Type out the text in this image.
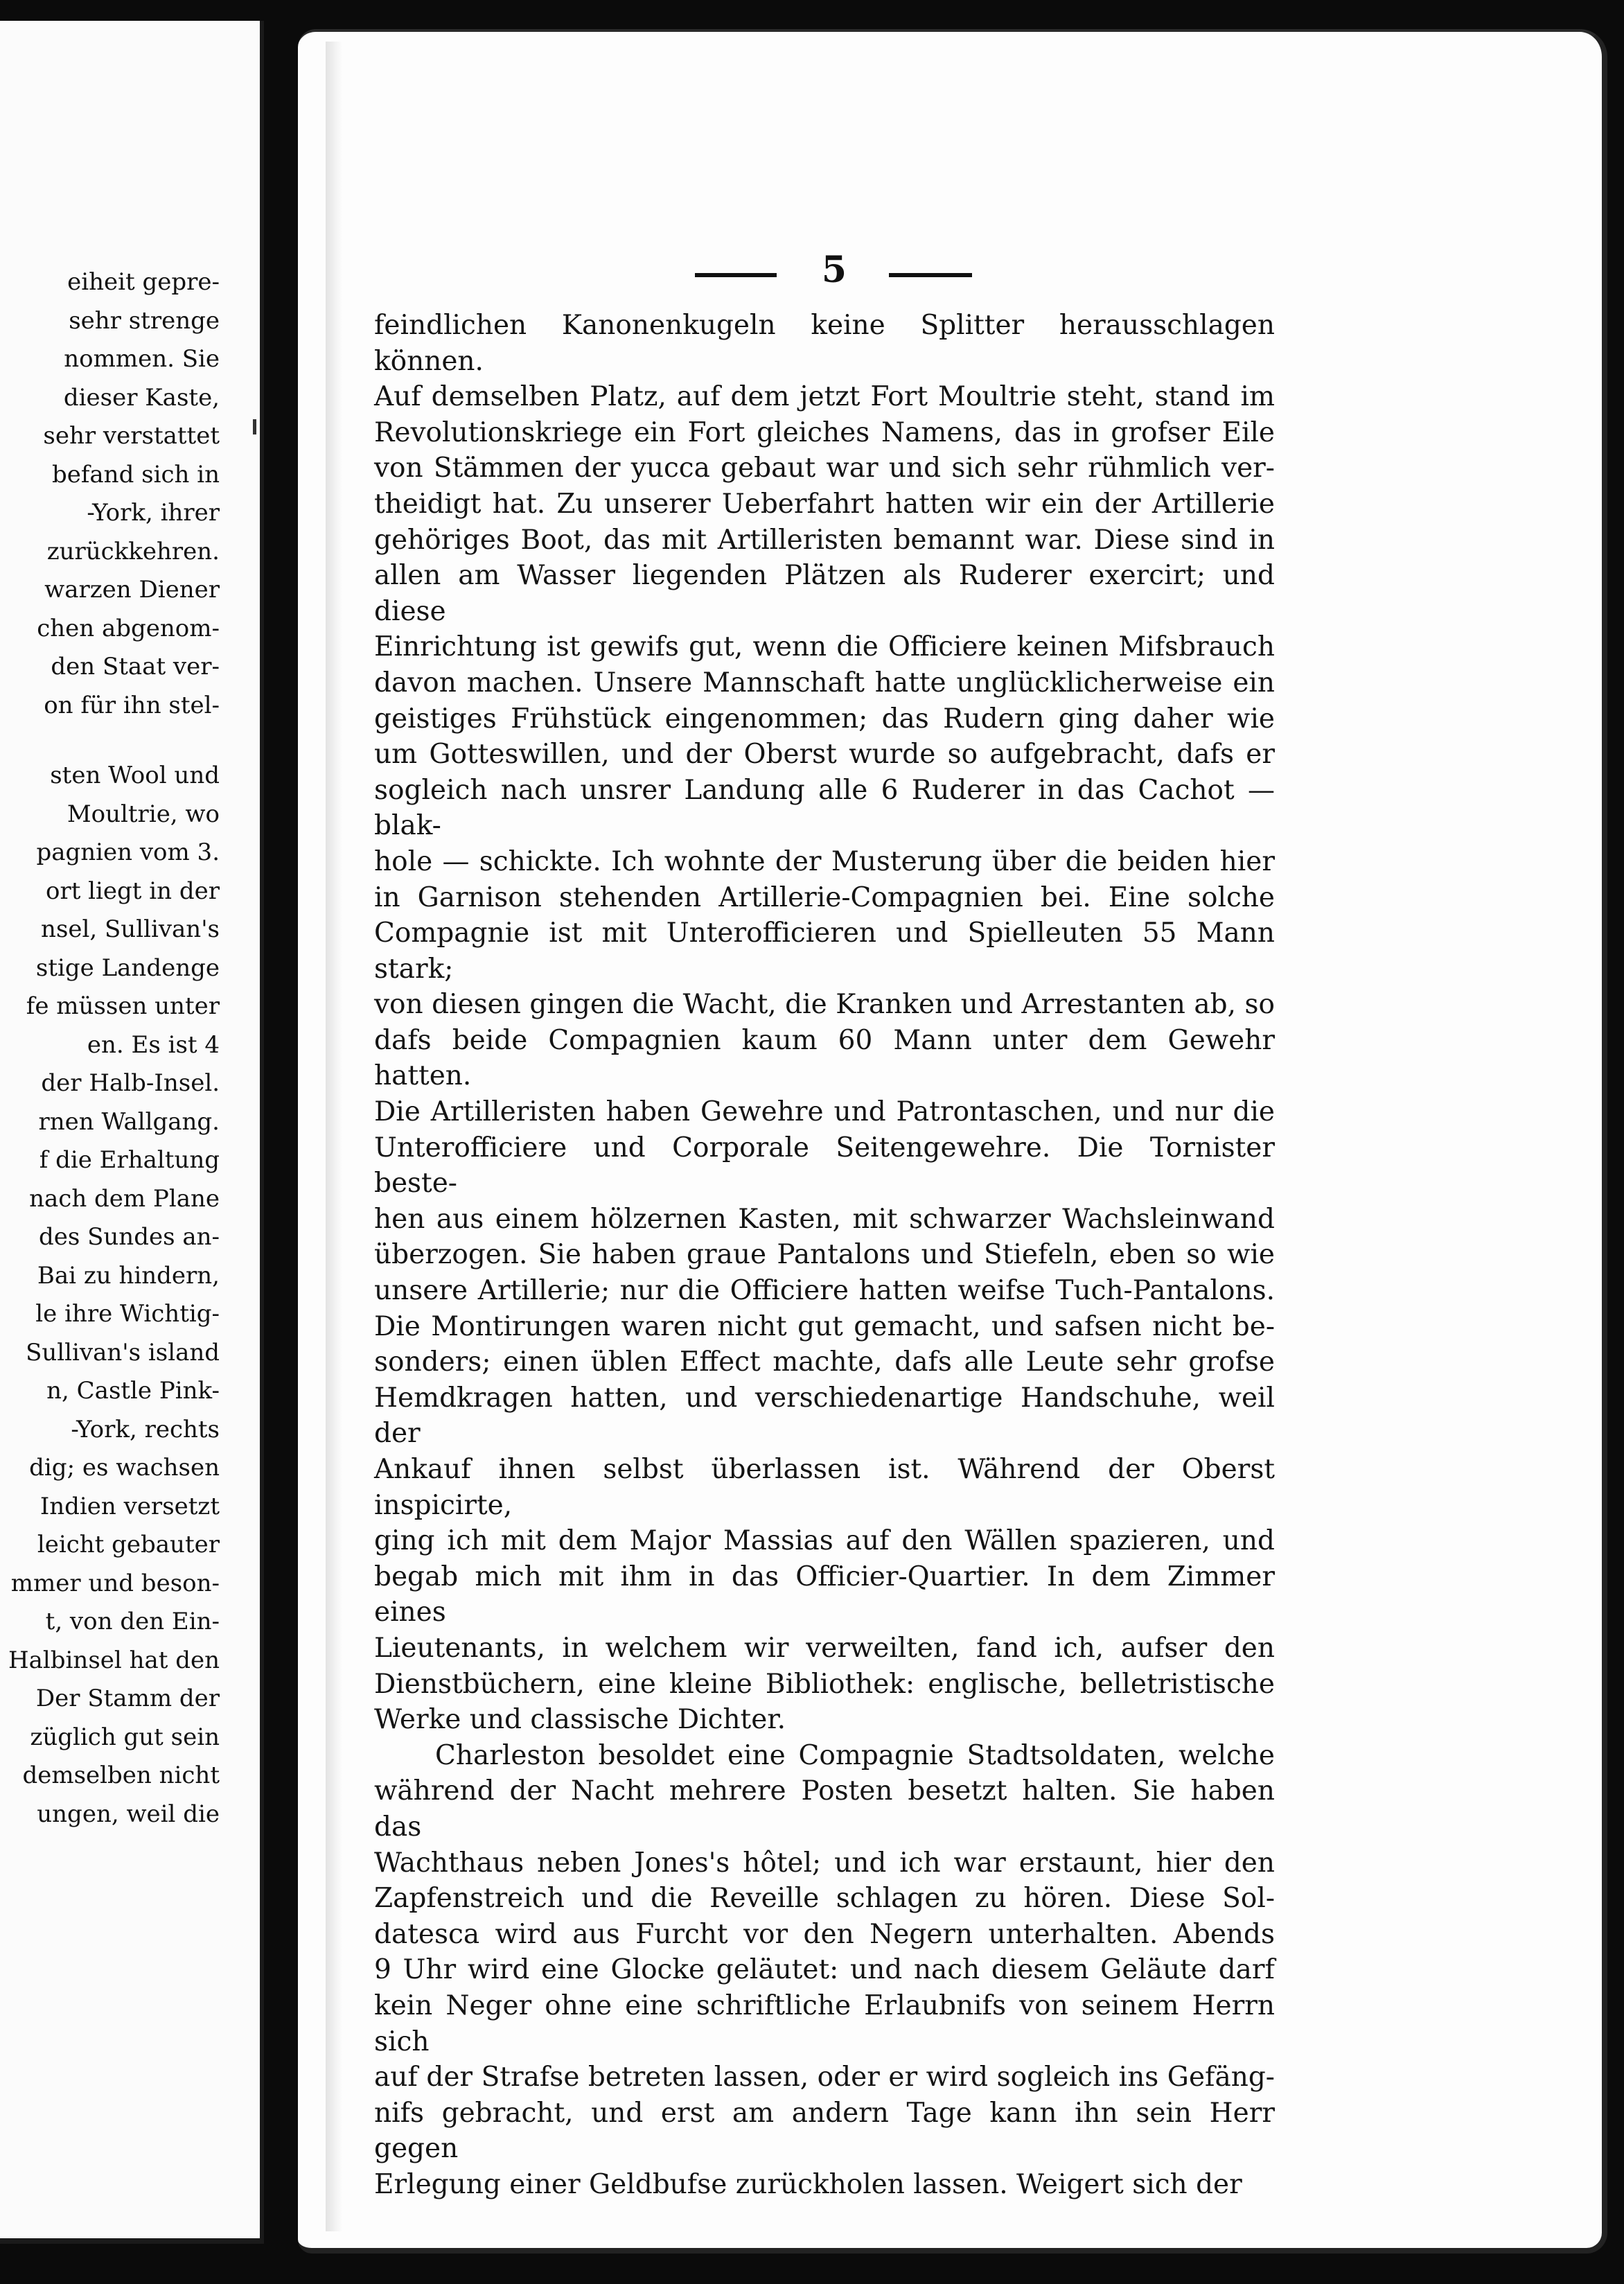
eiheit gepre-
sehr strenge
nommen. Sie
dieser Kaste,
sehr verstattet
befand sich in
-York, ihrer
zurückkehren.
warzen Diener
chen abgenom-
den Staat ver-
on für ihn stel-
sten Wool und
Moultrie, wo
pagnien vom 3.
ort liegt in der
nsel, Sullivan's
stige Landenge
fe müssen unter
en. Es ist 4
der Halb-Insel.
rnen Wallgang.
f die Erhaltung
nach dem Plane
des Sundes an-
Bai zu hindern,
le ihre Wichtig-
Sullivan's island
n, Castle Pink-
-York, rechts
dig; es wachsen
Indien versetzt
leicht gebauter
mmer und beson-
t, von den Ein-
Halbinsel hat den
Der Stamm der
züglich gut sein
demselben nicht
ungen, weil die
5

feindlichen Kanonenkugeln keine Splitter herausschlagen können.

Auf demselben Platz, auf dem jetzt Fort Moultrie steht, stand im

Revolutionskriege ein Fort gleiches Namens, das in grofser Eile

von Stämmen der yucca gebaut war und sich sehr rühmlich ver-

theidigt hat. Zu unserer Ueberfahrt hatten wir ein der Artillerie

gehöriges Boot, das mit Artilleristen bemannt war. Diese sind in

allen am Wasser liegenden Plätzen als Ruderer exercirt; und diese

Einrichtung ist gewifs gut, wenn die Officiere keinen Mifsbrauch

davon machen. Unsere Mannschaft hatte unglücklicherweise ein

geistiges Frühstück eingenommen; das Rudern ging daher wie

um Gotteswillen, und der Oberst wurde so aufgebracht, dafs er

sogleich nach unsrer Landung alle 6 Ruderer in das Cachot — blak-

hole — schickte. Ich wohnte der Musterung über die beiden hier

in Garnison stehenden Artillerie-Compagnien bei. Eine solche

Compagnie ist mit Unterofficieren und Spielleuten 55 Mann stark;

von diesen gingen die Wacht, die Kranken und Arrestanten ab, so

dafs beide Compagnien kaum 60 Mann unter dem Gewehr hatten.

Die Artilleristen haben Gewehre und Patrontaschen, und nur die

Unterofficiere und Corporale Seitengewehre. Die Tornister beste-

hen aus einem hölzernen Kasten, mit schwarzer Wachsleinwand

überzogen. Sie haben graue Pantalons und Stiefeln, eben so wie

unsere Artillerie; nur die Officiere hatten weifse Tuch-Pantalons.

Die Montirungen waren nicht gut gemacht, und safsen nicht be-

sonders; einen üblen Effect machte, dafs alle Leute sehr grofse

Hemdkragen hatten, und verschiedenartige Handschuhe, weil der

Ankauf ihnen selbst überlassen ist. Während der Oberst inspicirte,

ging ich mit dem Major Massias auf den Wällen spazieren, und

begab mich mit ihm in das Officier-Quartier. In dem Zimmer eines

Lieutenants, in welchem wir verweilten, fand ich, aufser den

Dienstbüchern, eine kleine Bibliothek: englische, belletristische

Werke und classische Dichter.

Charleston besoldet eine Compagnie Stadtsoldaten, welche

während der Nacht mehrere Posten besetzt halten. Sie haben das

Wachthaus neben Jones's hôtel; und ich war erstaunt, hier den

Zapfenstreich und die Reveille schlagen zu hören. Diese Sol-

datesca wird aus Furcht vor den Negern unterhalten. Abends

9 Uhr wird eine Glocke geläutet: und nach diesem Geläute darf

kein Neger ohne eine schriftliche Erlaubnifs von seinem Herrn sich

auf der Strafse betreten lassen, oder er wird sogleich ins Gefäng-

nifs gebracht, und erst am andern Tage kann ihn sein Herr gegen

Erlegung einer Geldbufse zurückholen lassen. Weigert sich der
